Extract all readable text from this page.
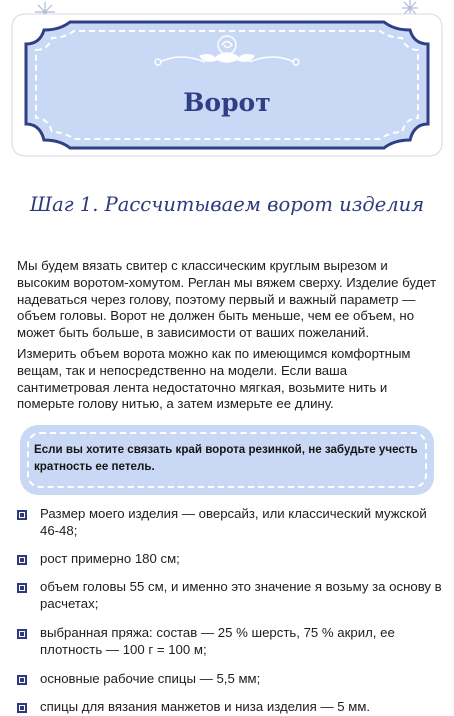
Ворот
Шаг 1. Рассчитываем ворот изделия

Мы будем вязать свитер с классическим круглым вырезом и высоким воротом-хомутом. Реглан мы вяжем сверху. Изделие будет надеваться через голову, поэтому первый и важный параметр — объем головы. Ворот не должен быть меньше, чем ее объем, но может быть больше, в зависимости от ваших пожеланий.

Измерить объем ворота можно как по имеющимся комфортным вещам, так и непосредственно на модели. Если ваша сантиметровая лента недостаточно мягкая, возьмите нить и померьте голову нитью, а затем измерьте ее длину.

Если вы хотите связать край ворота резинкой, не забудьте учесть кратность ее петель.

Размер моего изделия — оверсайз, или классический мужской 46-48;
рост примерно 180 см;
объем головы 55 см, и именно это значение я возьму за основу в расчетах;
выбранная пряжа: состав — 25 % шерсть, 75 % акрил, ее плотность — 100 г = 100 м;
основные рабочие спицы — 5,5 мм;
спицы для вязания манжетов и низа изделия — 5 мм.
